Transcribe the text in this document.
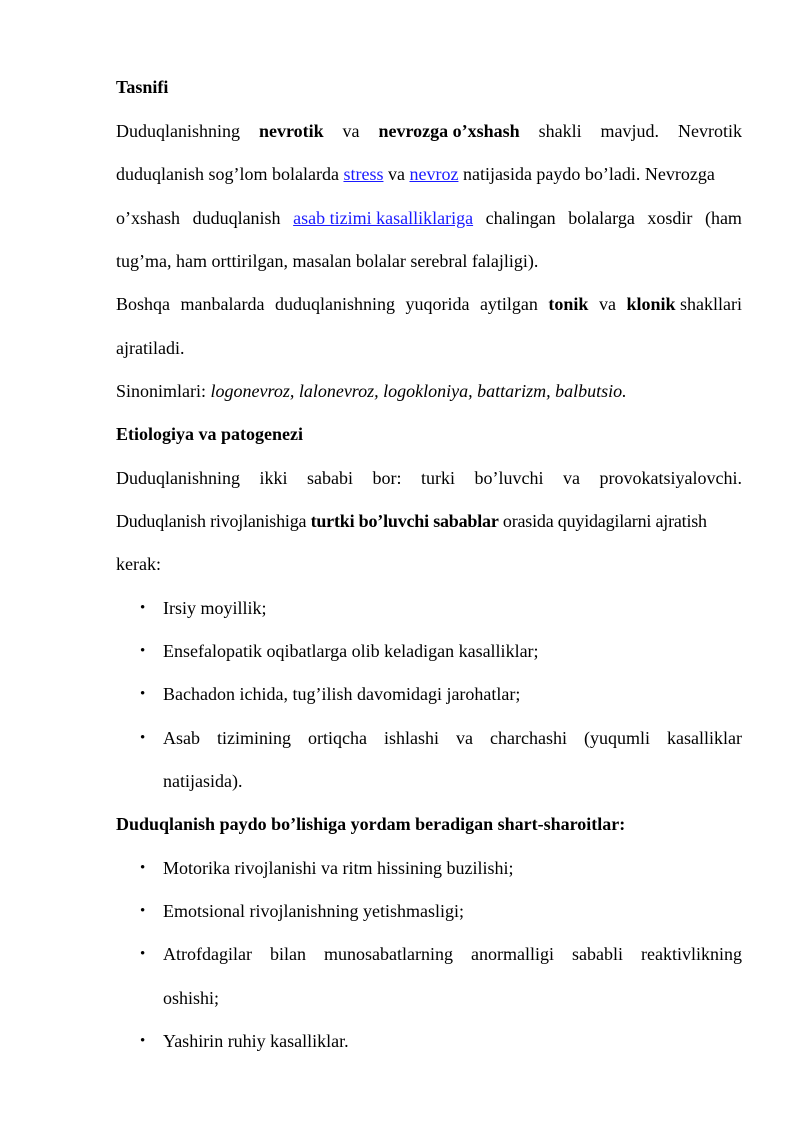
Tasnifi
Duduqlanishning nevrotik va nevrozga o’xshash shakli mavjud. Nevrotik
duduqlanish sog’lom bolalarda stress va nevroz natijasida paydo bo’ladi. Nevrozga
o’xshash duduqlanish asab tizimi kasalliklariga chalingan bolalarga xosdir (ham
tug’ma, ham orttirilgan, masalan bolalar serebral falajligi).
Boshqa manbalarda duduqlanishning yuqorida aytilgan tonik va klonik shakllari
ajratiladi.
Sinonimlari: logonevroz, lalonevroz, logokloniya, battarizm, balbutsio.
Etiologiya va patogenezi
Duduqlanishning ikki sababi bor: turki bo’luvchi va provokatsiyalovchi.
Duduqlanish rivojlanishiga turtki bo’luvchi sabablar orasida quyidagilarni ajratish
kerak:
• Irsiy moyillik;
• Ensefalopatik oqibatlarga olib keladigan kasalliklar;
• Bachadon ichida, tug’ilish davomidagi jarohatlar;
• Asab tizimining ortiqcha ishlashi va charchashi (yuqumli kasalliklar
natijasida).
Duduqlanish paydo bo’lishiga yordam beradigan shart-sharoitlar:
• Motorika rivojlanishi va ritm hissining buzilishi;
• Emotsional rivojlanishning yetishmasligi;
• Atrofdagilar bilan munosabatlarning anormalligi sababli reaktivlikning
oshishi;
• Yashirin ruhiy kasalliklar.
